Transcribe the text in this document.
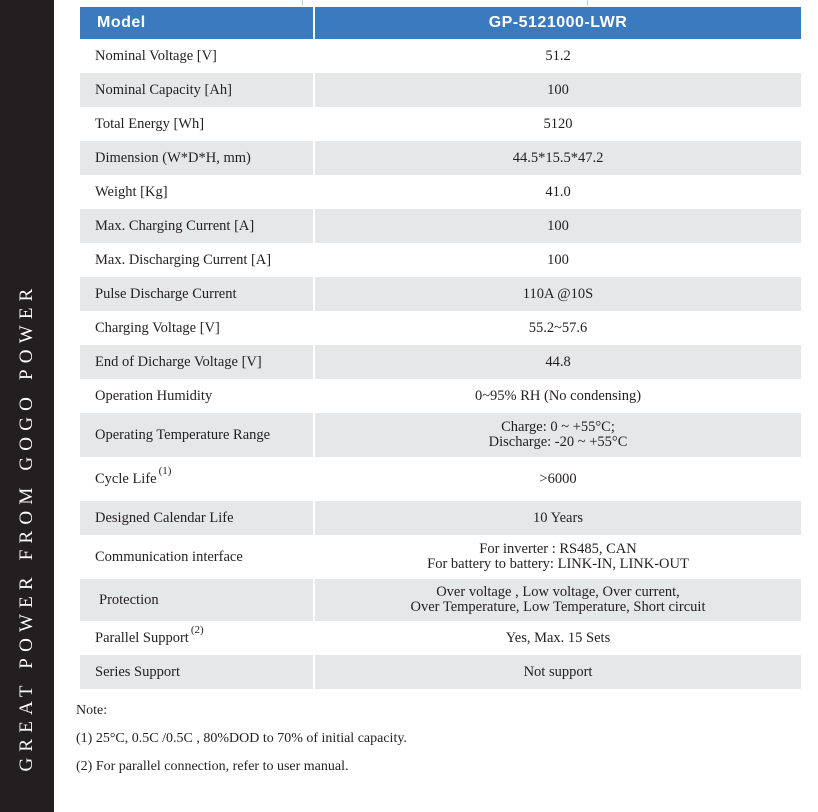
GREAT POWER FROM GOGO POWER
Model	GP-5121000-LWR
Nominal Voltage [V]	51.2
Nominal Capacity [Ah]	100
Total Energy [Wh]	5120
Dimension (W*D*H, mm)	44.5*15.5*47.2
Weight [Kg]	41.0
Max. Charging Current [A]	100
Max. Discharging Current [A]	100
Pulse Discharge Current	110A @10S
Charging Voltage [V]	55.2~57.6
End of Dicharge Voltage [V]	44.8
Operation Humidity	0~95% RH (No condensing)
Operating Temperature Range	Charge: 0 ~ +55°C;
Discharge: -20 ~ +55°C

Cycle Life $^{(1)}$	>6000
Designed Calendar Life	10 Years
Communication interface	For inverter : RS485, CAN
For battery to battery: LINK-IN, LINK-OUT

Protection	Over voltage , Low voltage, Over current,
Over Temperature, Low Temperature, Short circuit

Parallel Support $^{(2)}$	Yes, Max. 15 Sets
Series Support	Not support
Note:
(1) 25°C, 0.5C /0.5C , 80%DOD to 70% of initial capacity.
(2) For parallel connection, refer to user manual.
